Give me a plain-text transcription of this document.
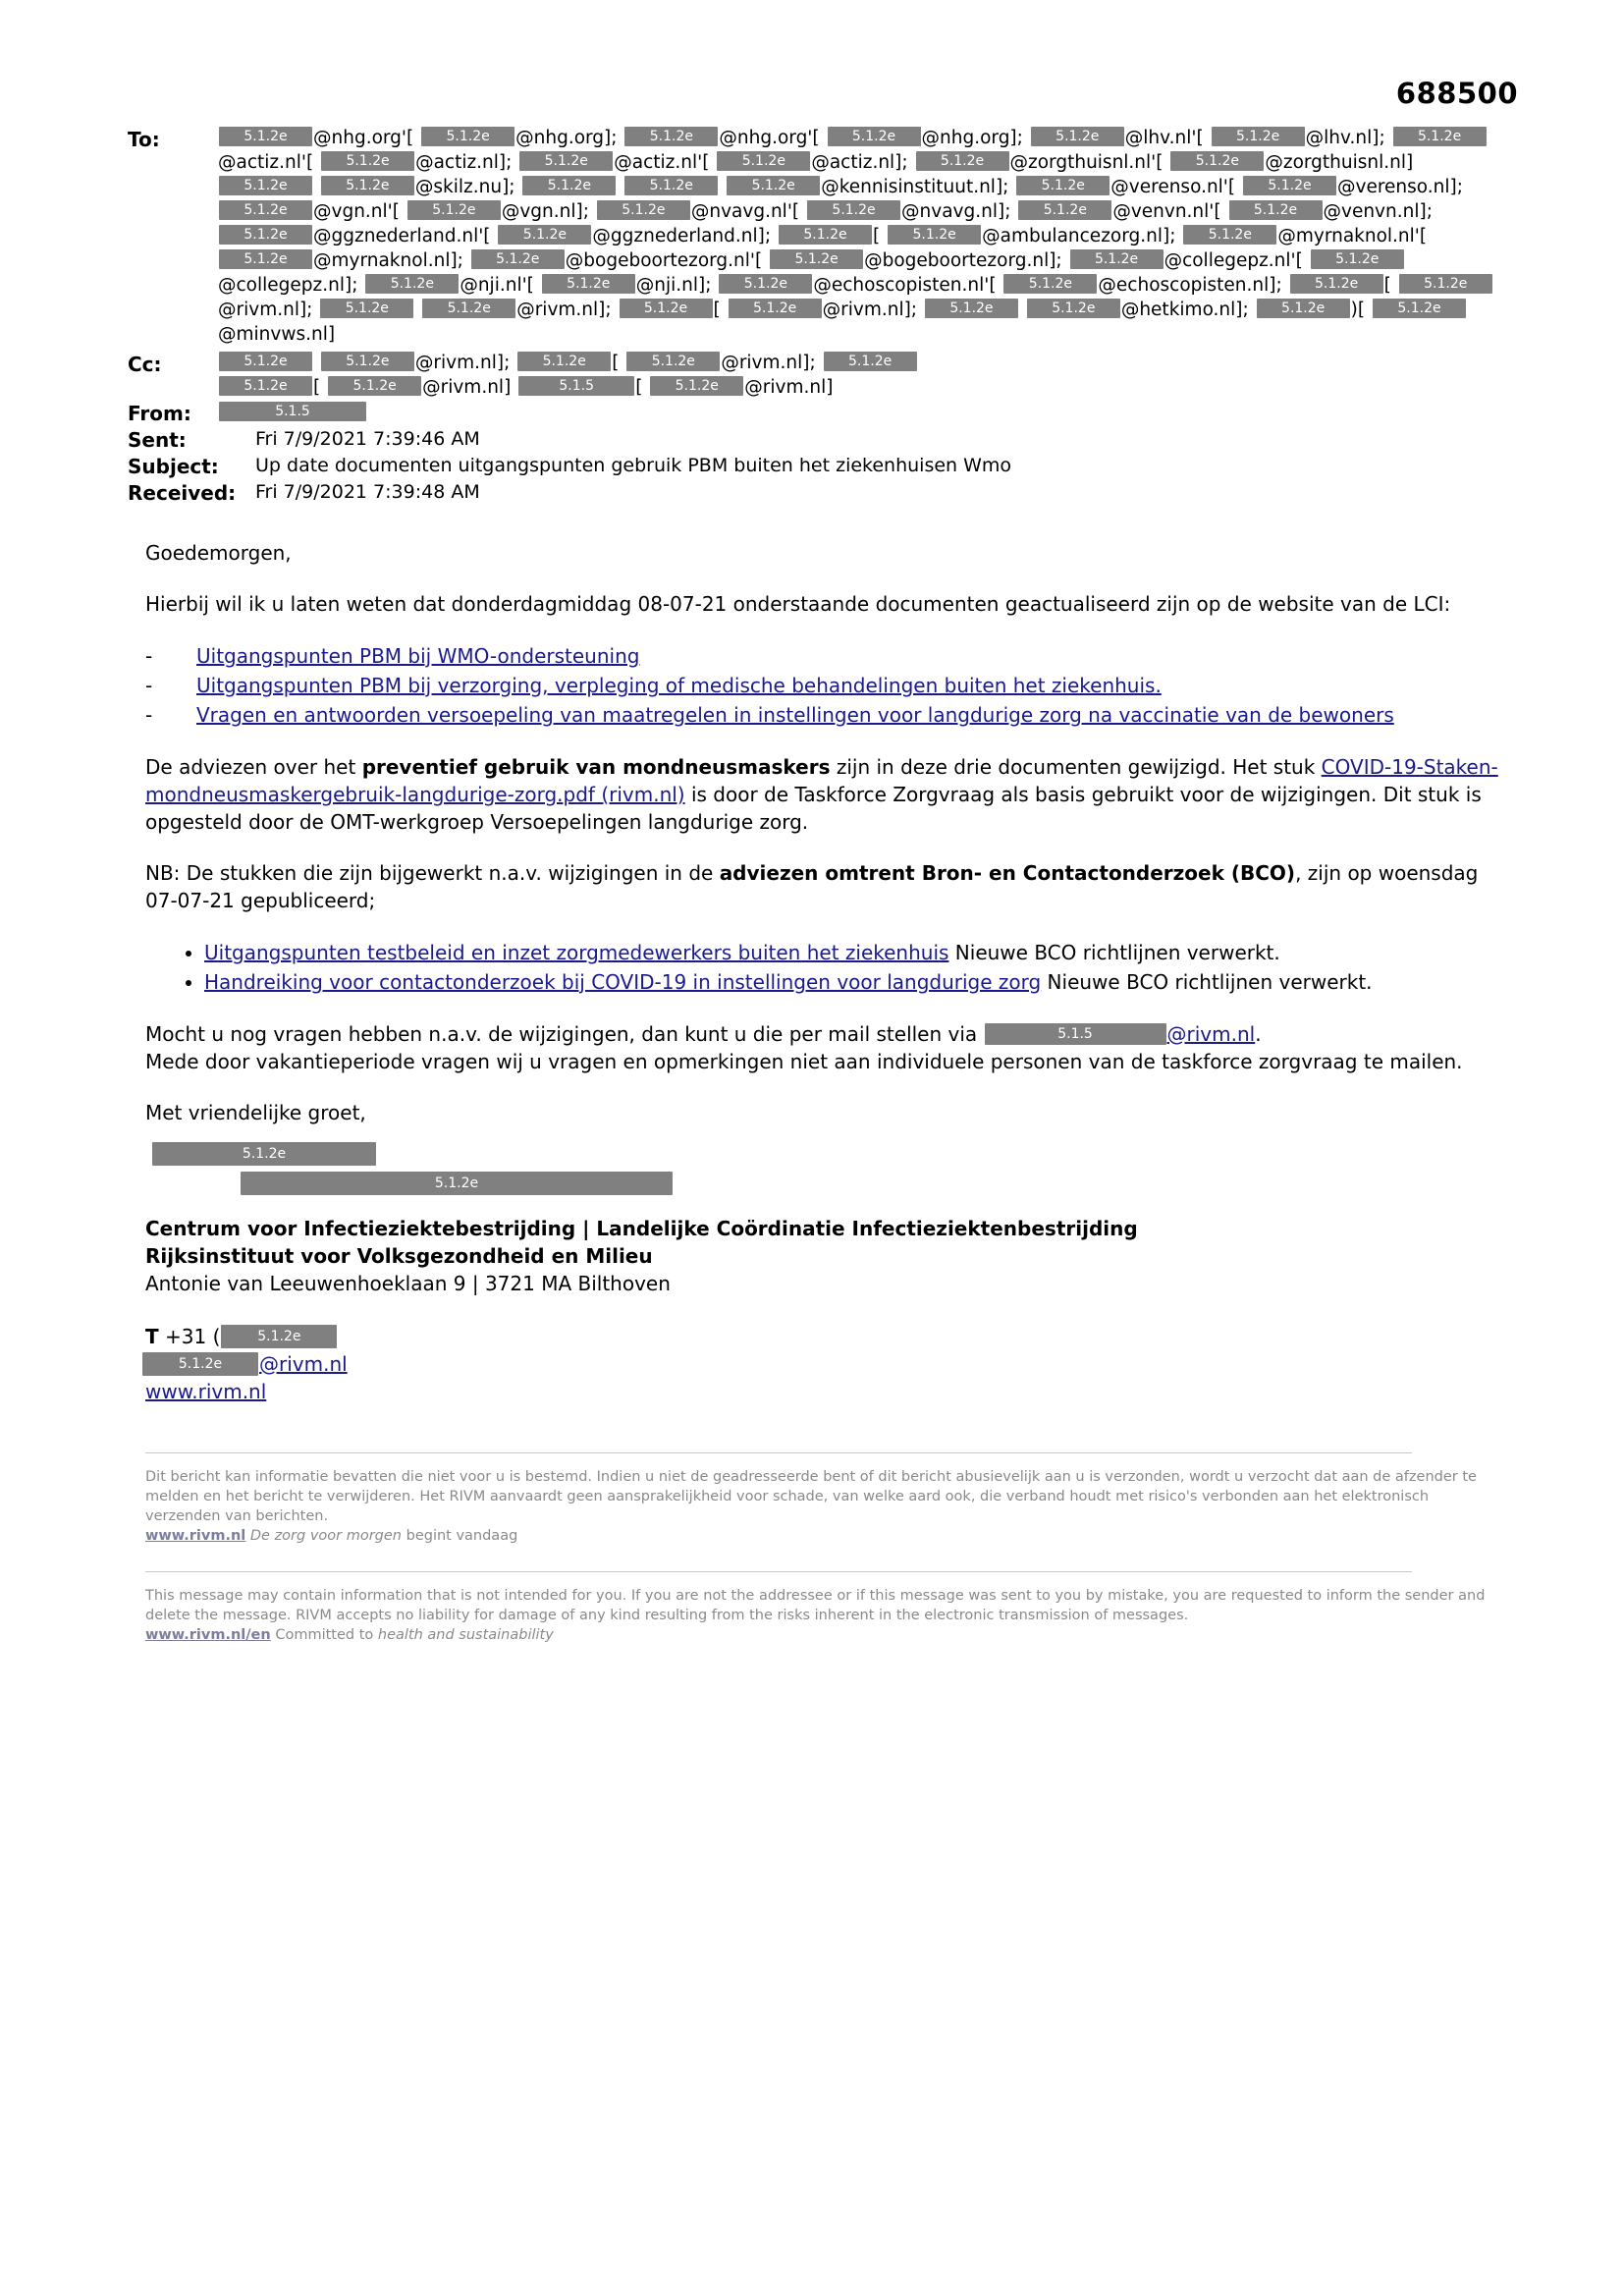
688500
To:	5.1.2e @nhg.org'[ 5.1.2e @nhg.org]; 5.1.2e @nhg.org'[ 5.1.2e @nhg.org]; 5.1.2e @lhv.nl'[ 5.1.2e @lhv.nl]; 5.1.2e@actiz.nl'[ 5.1.2e @actiz.nl]; 5.1.2e @actiz.nl'[ 5.1.2e @actiz.nl]; 5.1.2e @zorgthuisnl.nl'[ 5.1.2e @zorgthuisnl.nl] 5.1.2e	5.1.2e @skilz.nu]; 5.1.2e	5.1.2e	5.1.2e @kennisinstituut.nl]; 5.1.2e @verenso.nl'[ 5.1.2e @verenso.nl]; 5.1.2e @vgn.nl'[ 5.1.2e @vgn.nl]; 5.1.2e @nvavg.nl'[ 5.1.2e @nvavg.nl]; 5.1.2e @venvn.nl'[ 5.1.2e @venvn.nl]; 5.1.2e @ggznederland.nl'[ 5.1.2e @ggznederland.nl]; 5.1.2e [ 5.1.2e @ambulancezorg.nl]; 5.1.2e @myrnaknol.nl'[ 5.1.2e @myrnaknol.nl]; 5.1.2e @bogeboortezorg.nl'[ 5.1.2e @bogeboortezorg.nl]; 5.1.2e @collegepz.nl'[ 5.1.2e@collegepz.nl]; 5.1.2e @nji.nl'[ 5.1.2e @nji.nl]; 5.1.2e @echoscopisten.nl'[ 5.1.2e @echoscopisten.nl]; 5.1.2e [ 5.1.2e@rivm.nl]; 5.1.2e	5.1.2e @rivm.nl]; 5.1.2e [ 5.1.2e @rivm.nl]; 5.1.2e	5.1.2e @hetkimo.nl]; 5.1.2e )[ 5.1.2e@minvws.nl]
Cc:	5.1.2e	5.1.2e @rivm.nl]; 5.1.2e [ 5.1.2e @rivm.nl]; 5.1.2e
5.1.2e [ 5.1.2e @rivm.nl]	5.1.5 [ 5.1.2e @rivm.nl]
From:	5.1.5
Sent:	Fri 7/9/2021 7:39:46 AM
Subject:	Up date documenten uitgangspunten gebruik PBM buiten het ziekenhuisen Wmo
Received:	Fri 7/9/2021 7:39:48 AM

Goedemorgen,

Hierbij wil ik u laten weten dat donderdagmiddag 08-07-21 onderstaande documenten geactualiseerd zijn op de website van de LCI:

-	Uitgangspunten PBM bij WMO-ondersteuning
-	Uitgangspunten PBM bij verzorging, verpleging of medische behandelingen buiten het ziekenhuis.
-	Vragen en antwoorden versoepeling van maatregelen in instellingen voor langdurige zorg na vaccinatie van de bewoners

De adviezen over het preventief gebruik van mondneusmaskers zijn in deze drie documenten gewijzigd. Het stuk COVID-19-Staken-mondneusmaskergebruik-langdurige-zorg.pdf (rivm.nl) is door de Taskforce Zorgvraag als basis gebruikt voor de wijzigingen. Dit stuk is opgesteld door de OMT-werkgroep Versoepelingen langdurige zorg.

NB: De stukken die zijn bijgewerkt n.a.v. wijzigingen in de adviezen omtrent Bron- en Contactonderzoek (BCO), zijn op woensdag 07-07-21 gepubliceerd;

• Uitgangspunten testbeleid en inzet zorgmedewerkers buiten het ziekenhuis Nieuwe BCO richtlijnen verwerkt.
• Handreiking voor contactonderzoek bij COVID-19 in instellingen voor langdurige zorg Nieuwe BCO richtlijnen verwerkt.

Mocht u nog vragen hebben n.a.v. de wijzigingen, dan kunt u die per mail stellen via	5.1.5	@rivm.nl.
Mede door vakantieperiode vragen wij u vragen en opmerkingen niet aan individuele personen van de taskforce zorgvraag te mailen.

Met vriendelijke groet,

5.1.2e
5.1.2e
Centrum voor Infectieziektebestrijding | Landelijke Coördinatie Infectieziektenbestrijding
Rijksinstituut voor Volksgezondheid en Milieu
Antonie van Leeuwenhoeklaan 9 | 3721 MA Bilthoven
T +31 (	5.1.2e
5.1.2e @rivm.nl
www.rivm.nl
Dit bericht kan informatie bevatten die niet voor u is bestemd. Indien u niet de geadresseerde bent of dit bericht abusievelijk aan u is verzonden, wordt u verzocht dat aan de afzender te melden en het bericht te verwijderen. Het RIVM aanvaardt geen aansprakelijkheid voor schade, van welke aard ook, die verband houdt met risico's verbonden aan het elektronisch verzenden van berichten.
www.rivm.nl De zorg voor morgen begint vandaag
This message may contain information that is not intended for you. If you are not the addressee or if this message was sent to you by mistake, you are requested to inform the sender and delete the message. RIVM accepts no liability for damage of any kind resulting from the risks inherent in the electronic transmission of messages.
www.rivm.nl/en Committed to health and sustainability
